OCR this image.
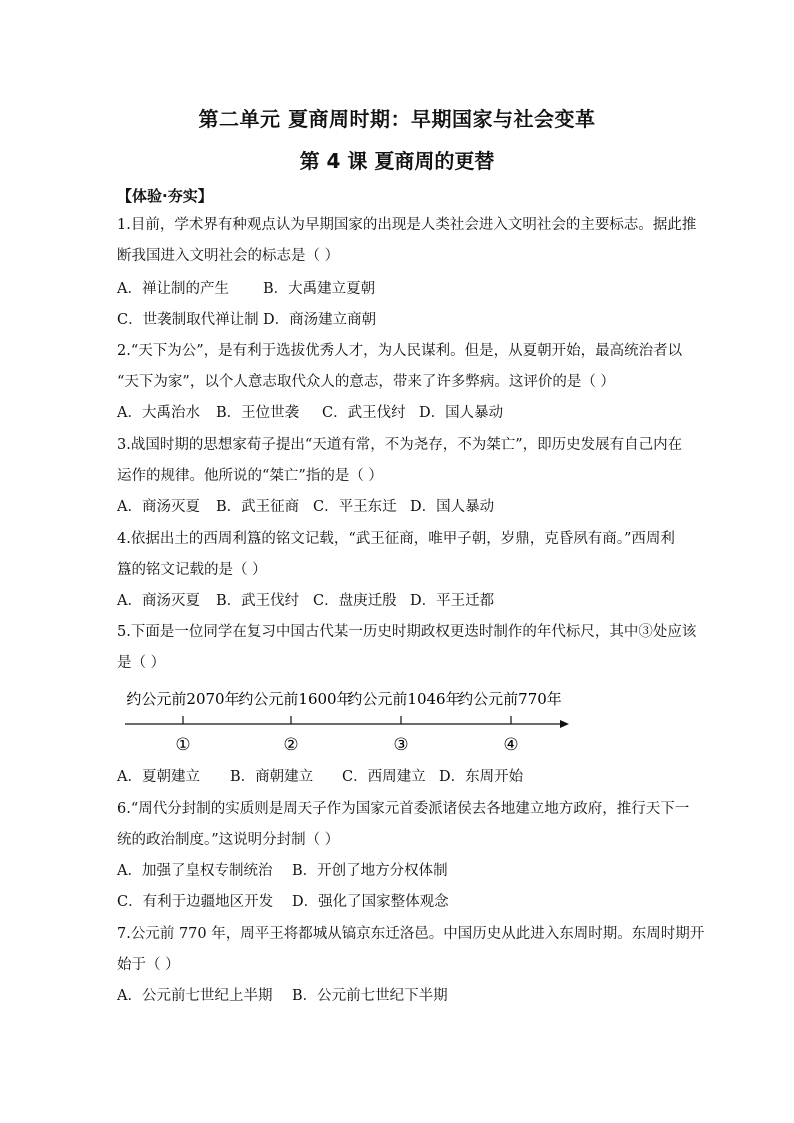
第二单元 夏商周时期：早期国家与社会变革
第 4 课 夏商周的更替
【体验·夯实】
1.目前，学术界有种观点认为早期国家的出现是人类社会进入文明社会的主要标志。据此推
断我国进入文明社会的标志是（ ）
A．禅让制的产生 B．大禹建立夏朝
C．世袭制取代禅让制 D．商汤建立商朝
2.“天下为公”，是有利于选拔优秀人才，为人民谋利。但是，从夏朝开始，最高统治者以
“天下为家”，以个人意志取代众人的意志，带来了许多弊病。这评价的是（ ）
A．大禹治水 B．王位世袭 C．武王伐纣 D．国人暴动
3.战国时期的思想家荀子提出“天道有常，不为尧存，不为桀亡”，即历史发展有自己内在
运作的规律。他所说的“桀亡”指的是（ ）
A．商汤灭夏 B．武王征商 C．平王东迁 D．国人暴动
4.依据出土的西周利簋的铭文记载，“武王征商，唯甲子朝，岁鼎，克昏夙有商。”西周利
簋的铭文记载的是（ ）
A．商汤灭夏 B．武王伐纣 C．盘庚迁殷 D．平王迁都
5.下面是一位同学在复习中国古代某一历史时期政权更迭时制作的年代标尺，其中③处应该
是（ ）
约公元前2070年
约公元前1600年
约公元前1046年
约公元前770年
①	②	③	④
A．夏朝建立 B．商朝建立 C．西周建立 D．东周开始
6.“周代分封制的实质则是周天子作为国家元首委派诸侯去各地建立地方政府，推行天下一
统的政治制度。”这说明分封制（ ）
A．加强了皇权专制统治 B．开创了地方分权体制
C．有利于边疆地区开发 D．强化了国家整体观念
7.公元前 770 年，周平王将都城从镐京东迁洛邑。中国历史从此进入东周时期。东周时期开
始于（ ）
A．公元前七世纪上半期 B．公元前七世纪下半期
